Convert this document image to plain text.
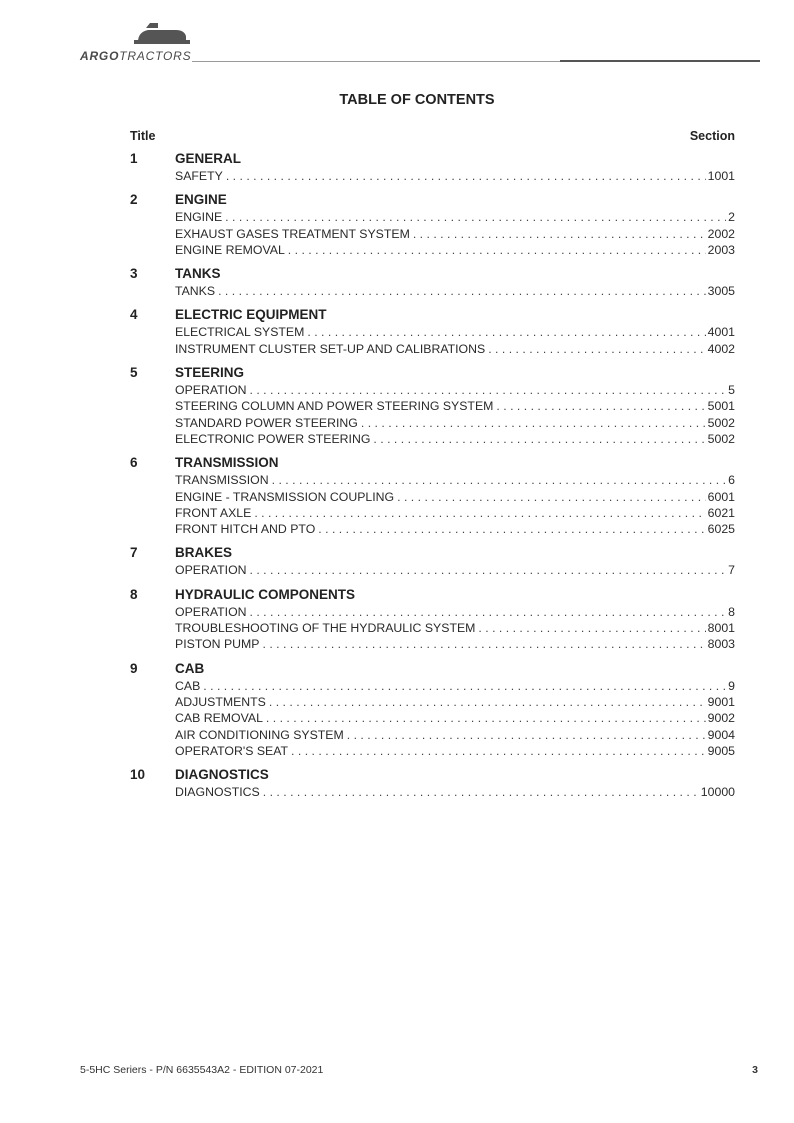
ARGOTRACTORS
TABLE OF CONTENTS
Title	Section
1	GENERAL
SAFETY . . .	1001
2	ENGINE
ENGINE . . .	2
EXHAUST GASES TREATMENT SYSTEM . . .	2002
ENGINE REMOVAL . . .	2003
3	TANKS
TANKS . . .	3005
4	ELECTRIC EQUIPMENT
ELECTRICAL SYSTEM . . .	4001
INSTRUMENT CLUSTER SET-UP AND CALIBRATIONS . . .	4002
5	STEERING
OPERATION . . .	5
STEERING COLUMN AND POWER STEERING SYSTEM . . .	5001
STANDARD POWER STEERING . . .	5002
ELECTRONIC POWER STEERING . . .	5002
6	TRANSMISSION
TRANSMISSION . . .	6
ENGINE - TRANSMISSION COUPLING . . .	6001
FRONT AXLE . . .	6021
FRONT HITCH AND PTO . . .	6025
7	BRAKES
OPERATION . . .	7
8	HYDRAULIC COMPONENTS
OPERATION . . .	8
TROUBLESHOOTING OF THE HYDRAULIC SYSTEM . . .	8001
PISTON PUMP . . .	8003
9	CAB
CAB . . .	9
ADJUSTMENTS . . .	9001
CAB REMOVAL . . .	9002
AIR CONDITIONING SYSTEM . . .	9004
OPERATOR'S SEAT . . .	9005
10 DIAGNOSTICS
DIAGNOSTICS . . .	10000
5-5HC Seriers - P/N 6635543A2 - EDITION 07-2021	3
